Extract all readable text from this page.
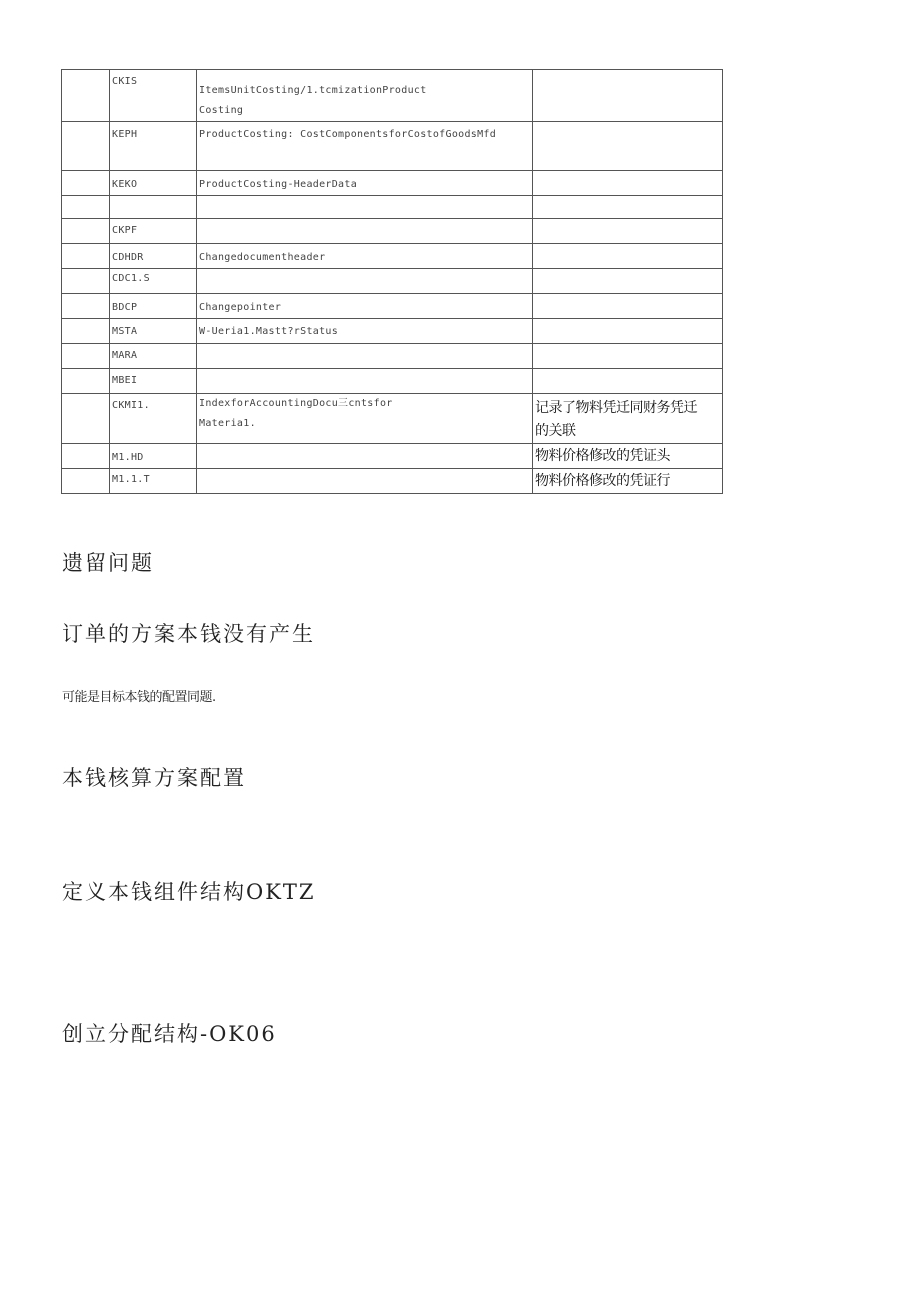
	CKIS	ItemsUnitCosting/1.tcmizationProduct
Costing	
	KEPH	ProductCosting: CostComponentsforCostofGoodsMfd	
	KEKO	ProductCosting-HeaderData	

	CKPF		
	CDHDR	Changedocumentheader	
	CDC1.S		
	BDCP	Changepointer	
	MSTA	W-Ueria1.Mastt?rStatus	
	MARA		
	MBEI		
	CKMI1.	IndexforAccountingDocu三cntsfor
Materia1.	记录了物料凭迁同财务凭迁
的关联
	M1.HD		物料价格修改的凭证头
	M1.1.T		物料价格修改的凭证行
遗留问题
订单的方案本钱没有产生

可能是目标本钱的配置同题.

本钱核算方案配置
定义本钱组件结构OKTZ
创立分配结构-OK06
